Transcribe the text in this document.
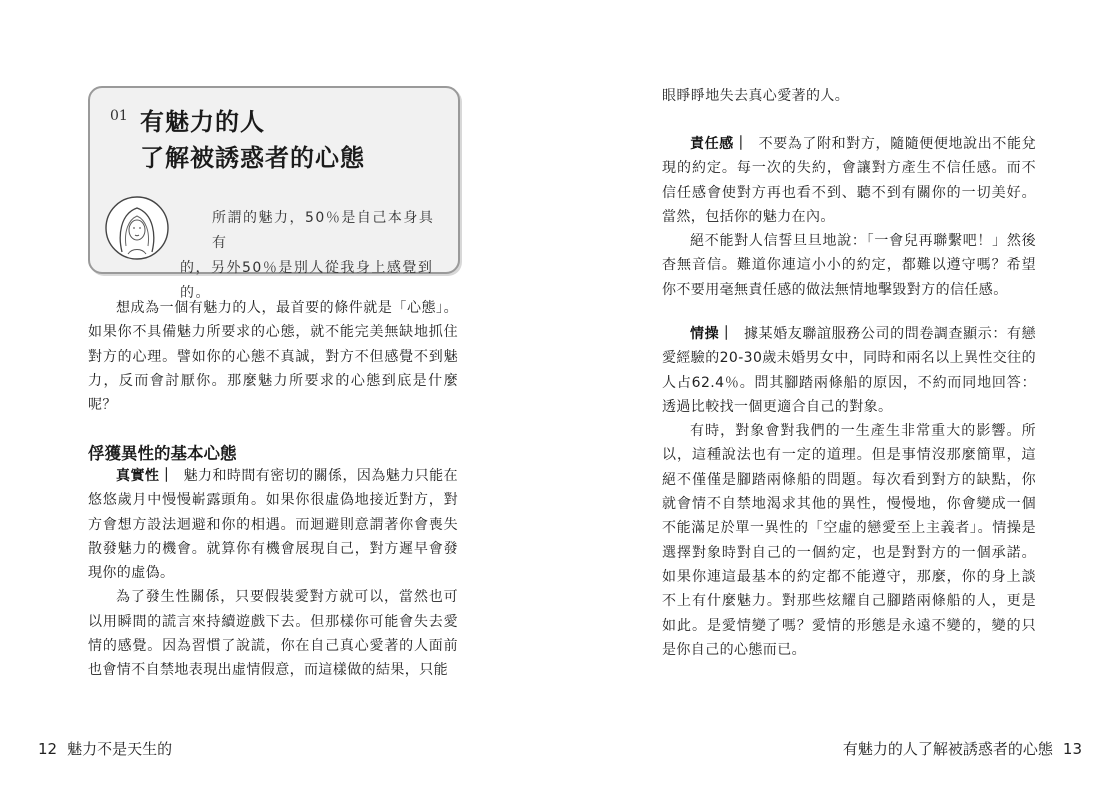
01 有魅力的人
了解被誘惑者的心態
所謂的魅力，50％是自己本身具有
的，另外50％是別人從我身上感覺到的。

想成為一個有魅力的人，最首要的條件就是「心態」。如果你不具備魅力所要求的心態，就不能完美無缺地抓住對方的心理。譬如你的心態不真誠，對方不但感覺不到魅力，反而會討厭你。那麼魅力所要求的心態到底是什麼呢？

俘獲異性的基本心態

真實性｜ 魅力和時間有密切的關係，因為魅力只能在悠悠歲月中慢慢嶄露頭角。如果你很虛偽地接近對方，對方會想方設法迴避和你的相遇。而迴避則意謂著你會喪失散發魅力的機會。就算你有機會展現自己，對方遲早會發現你的虛偽。

為了發生性關係，只要假裝愛對方就可以，當然也可以用瞬間的謊言來持續遊戲下去。但那樣你可能會失去愛情的感覺。因為習慣了說謊，你在自己真心愛著的人面前也會情不自禁地表現出虛情假意，而這樣做的結果，只能

12 魅力不是天生的

眼睜睜地失去真心愛著的人。

責任感｜ 不要為了附和對方，隨隨便便地說出不能兌現的約定。每一次的失約，會讓對方產生不信任感。而不信任感會使對方再也看不到、聽不到有關你的一切美好。當然，包括你的魅力在內。

絕不能對人信誓旦旦地說：「一會兒再聯繫吧！」然後杳無音信。難道你連這小小的約定，都難以遵守嗎？希望你不要用毫無責任感的做法無情地擊毀對方的信任感。

情操｜ 據某婚友聯誼服務公司的問卷調查顯示：有戀愛經驗的20-30歲未婚男女中，同時和兩名以上異性交往的人占62.4％。問其腳踏兩條船的原因，不約而同地回答：透過比較找一個更適合自己的對象。

有時，對象會對我們的一生產生非常重大的影響。所以，這種說法也有一定的道理。但是事情沒那麼簡單，這絕不僅僅是腳踏兩條船的問題。每次看到對方的缺點，你就會情不自禁地渴求其他的異性，慢慢地，你會變成一個不能滿足於單一異性的「空虛的戀愛至上主義者」。情操是選擇對象時對自己的一個約定，也是對對方的一個承諾。如果你連這最基本的約定都不能遵守，那麼，你的身上談不上有什麼魅力。對那些炫耀自己腳踏兩條船的人，更是如此。是愛情變了嗎？愛情的形態是永遠不變的，變的只是你自己的心態而已。

有魅力的人了解被誘惑者的心態 13
